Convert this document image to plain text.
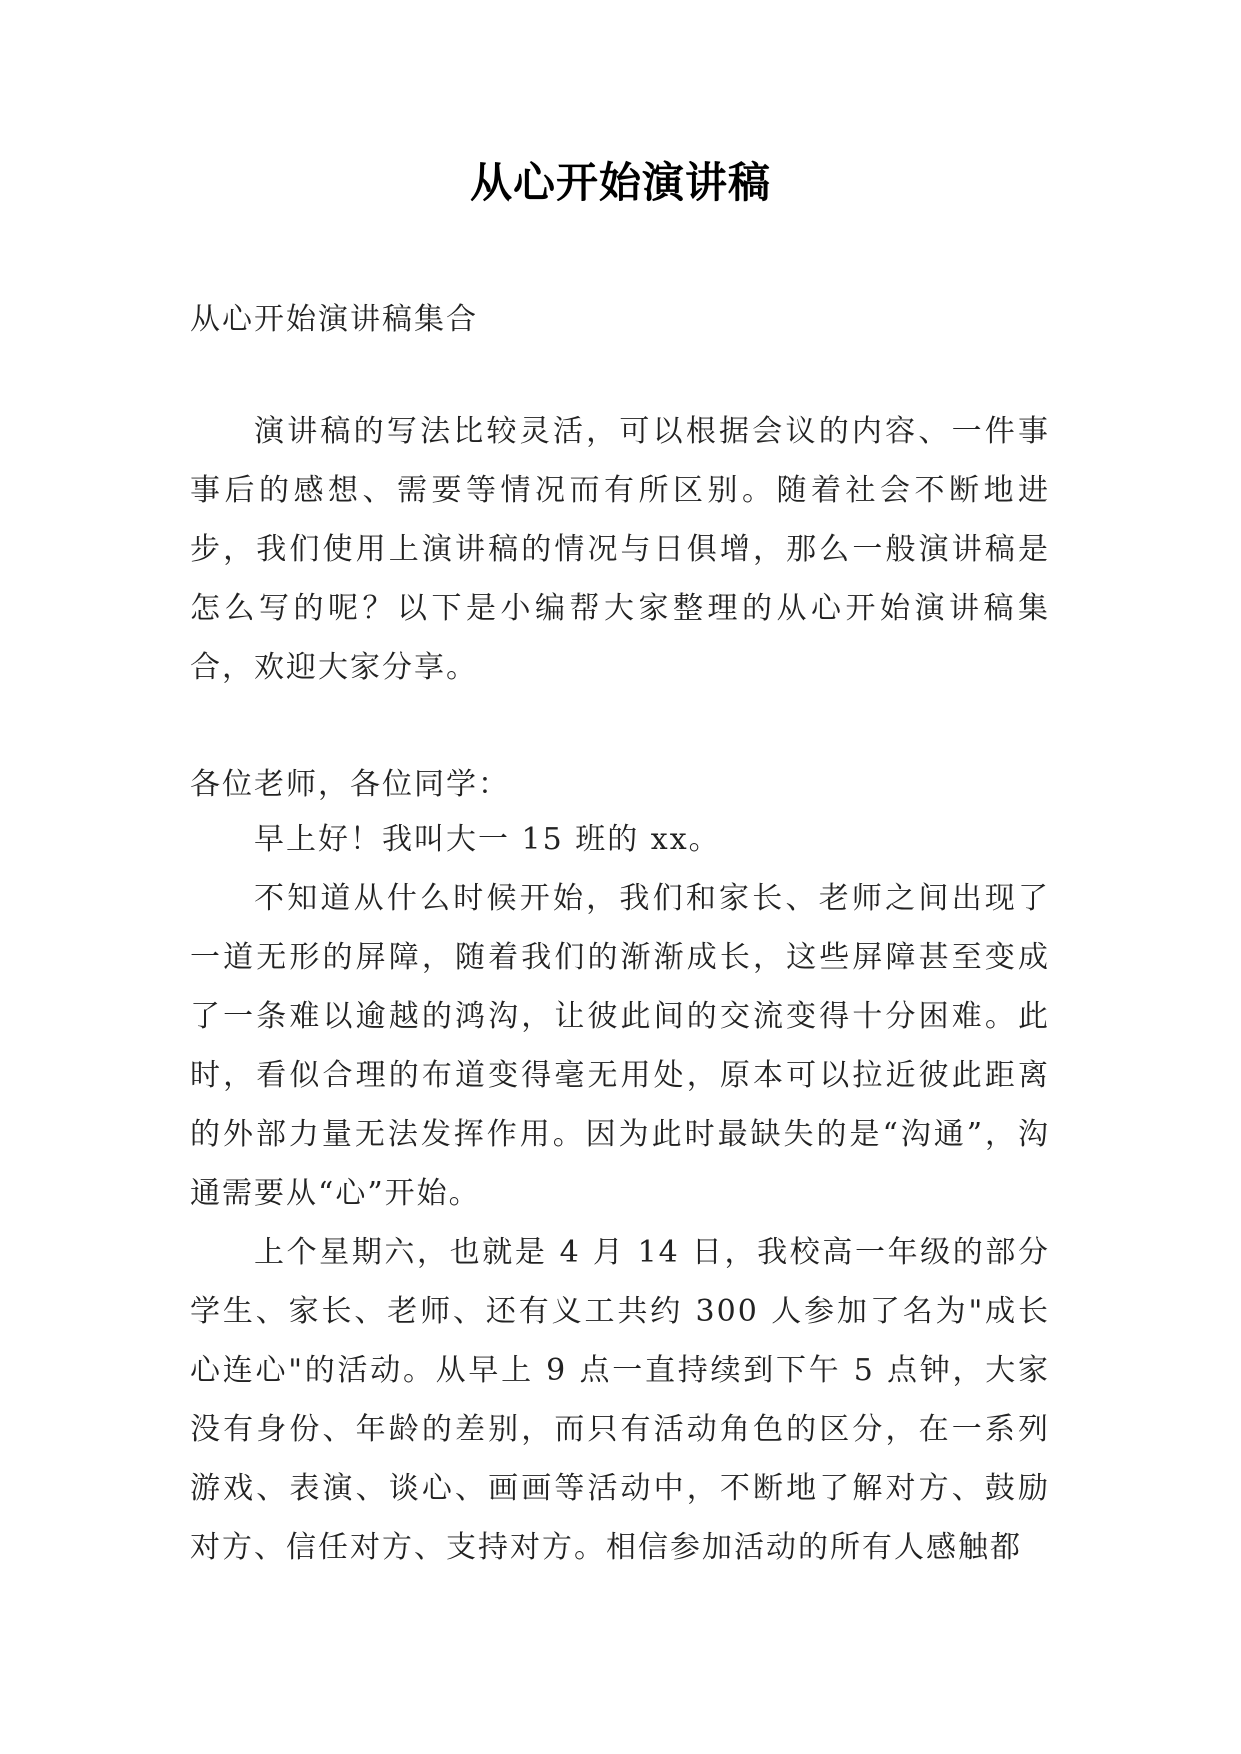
从心开始演讲稿
从心开始演讲稿集合
演讲稿的写法比较灵活，可以根据会议的内容、一件事事后的感想、需要等情况而有所区别。随着社会不断地进步，我们使用上演讲稿的情况与日俱增，那么一般演讲稿是怎么写的呢？以下是小编帮大家整理的从心开始演讲稿集合，欢迎大家分享。
各位老师，各位同学：

早上好！我叫大一 15 班的 xx。

不知道从什么时候开始，我们和家长、老师之间出现了一道无形的屏障，随着我们的渐渐成长，这些屏障甚至变成了一条难以逾越的鸿沟，让彼此间的交流变得十分困难。此时，看似合理的布道变得毫无用处，原本可以拉近彼此距离的外部力量无法发挥作用。因为此时最缺失的是“沟通”，沟通需要从“心”开始。

上个星期六，也就是 4 月 14 日，我校高一年级的部分学生、家长、老师、还有义工共约 300 人参加了名为"成长心连心"的活动。从早上 9 点一直持续到下午 5 点钟，大家没有身份、年龄的差别，而只有活动角色的区分，在一系列游戏、表演、谈心、画画等活动中，不断地了解对方、鼓励对方、信任对方、支持对方。相信参加活动的所有人感触都
